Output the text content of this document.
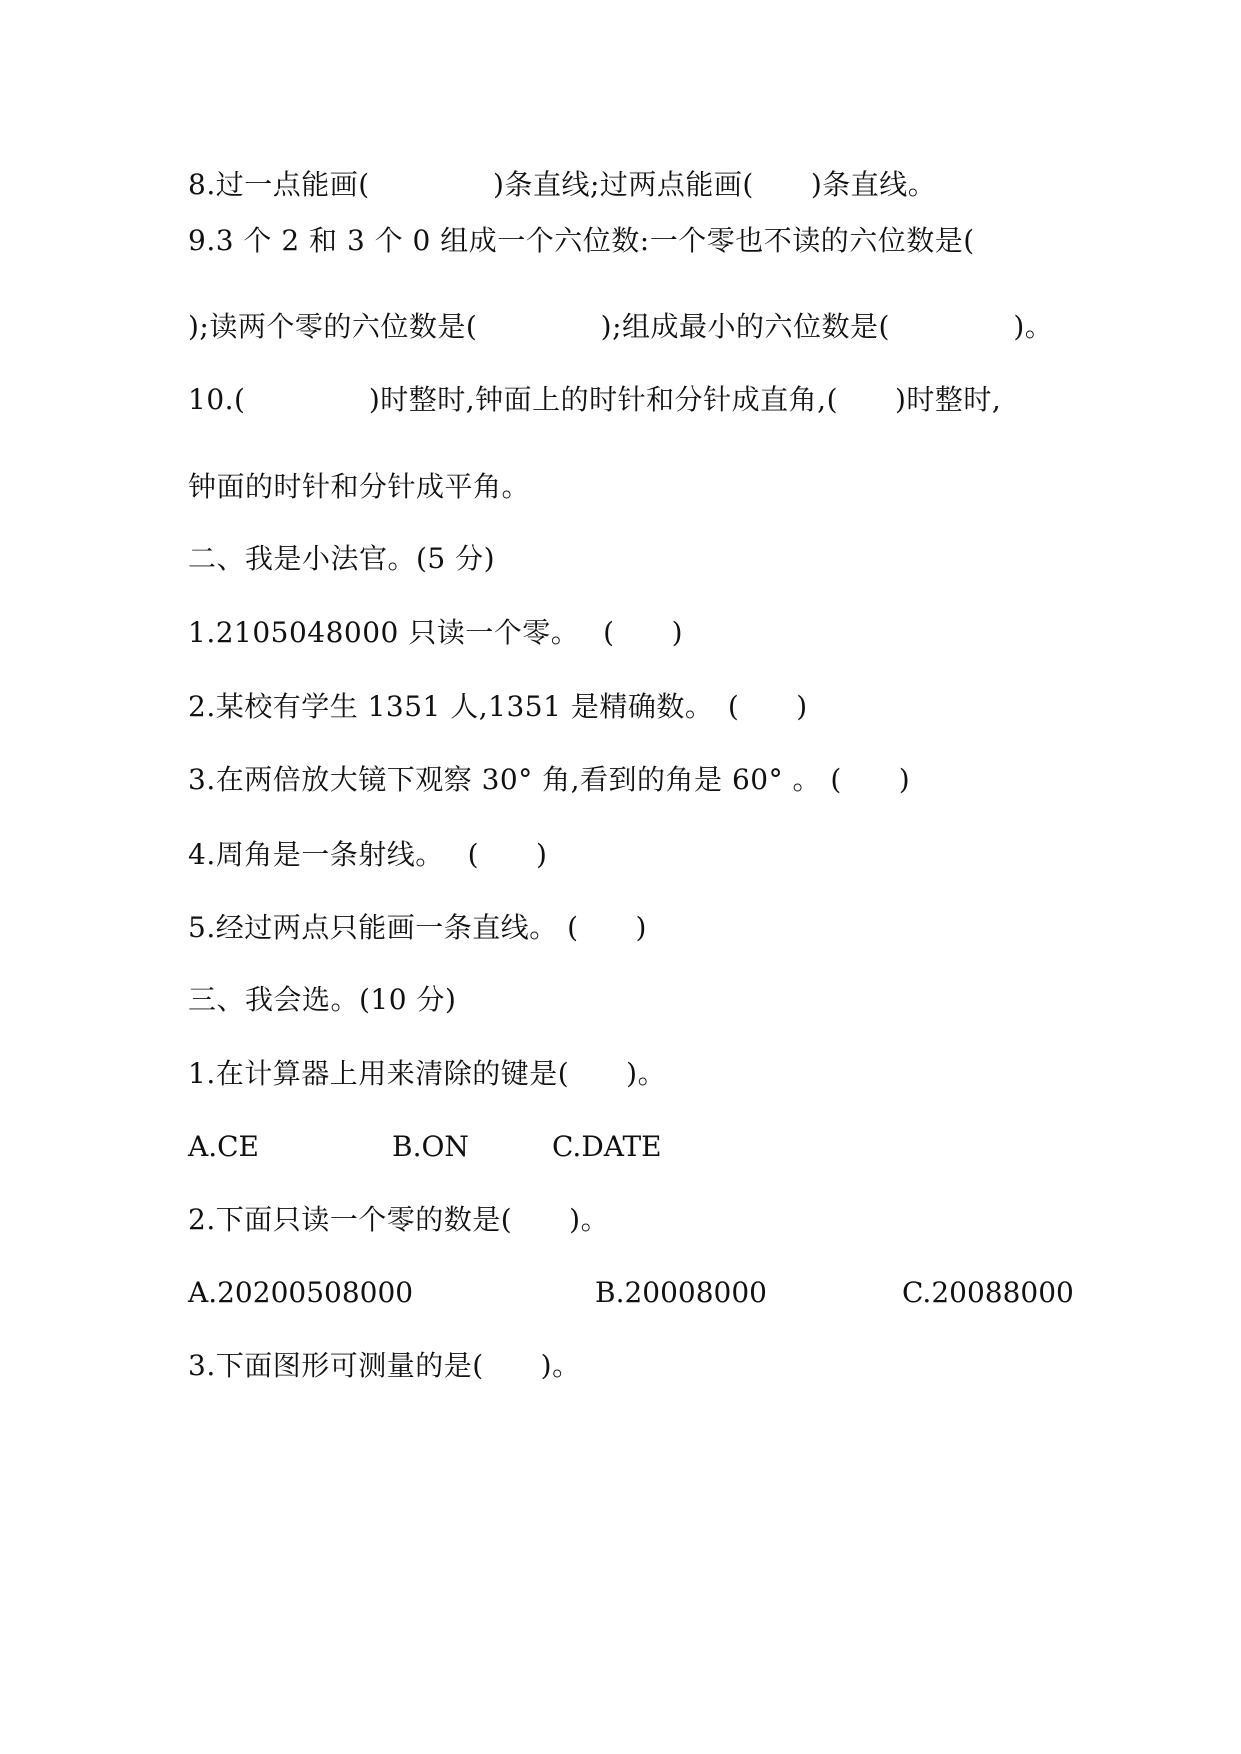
8.过一点能画(　　　　 )条直线;过两点能画(　　)条直线。
9.3 个 2 和 3 个 0 组成一个六位数:一个零也不读的六位数是(
);读两个零的六位数是(　　　　 );组成最小的六位数是(　　　　 )。
10.(　　　　 )时整时,钟面上的时针和分针成直角,(　　)时整时,
钟面的时针和分针成平角。
二、我是小法官。(5 分)
1.2105048000 只读一个零。　 (　　)
2.某校有学生 1351 人,1351 是精确数。　(　　)
3.在两倍放大镜下观察 30° 角,看到的角是 60° 。 (　　)
4.周角是一条射线。　 (　　)
5.经过两点只能画一条直线。 (　　)
三、我会选。(10 分)
1.在计算器上用来清除的键是(　　)。
A.CE	B.ON	C.DATE
2.下面只读一个零的数是(　　)。
A.20200508000	B.20008000	C.20088000
3.下面图形可测量的是(　　)。
